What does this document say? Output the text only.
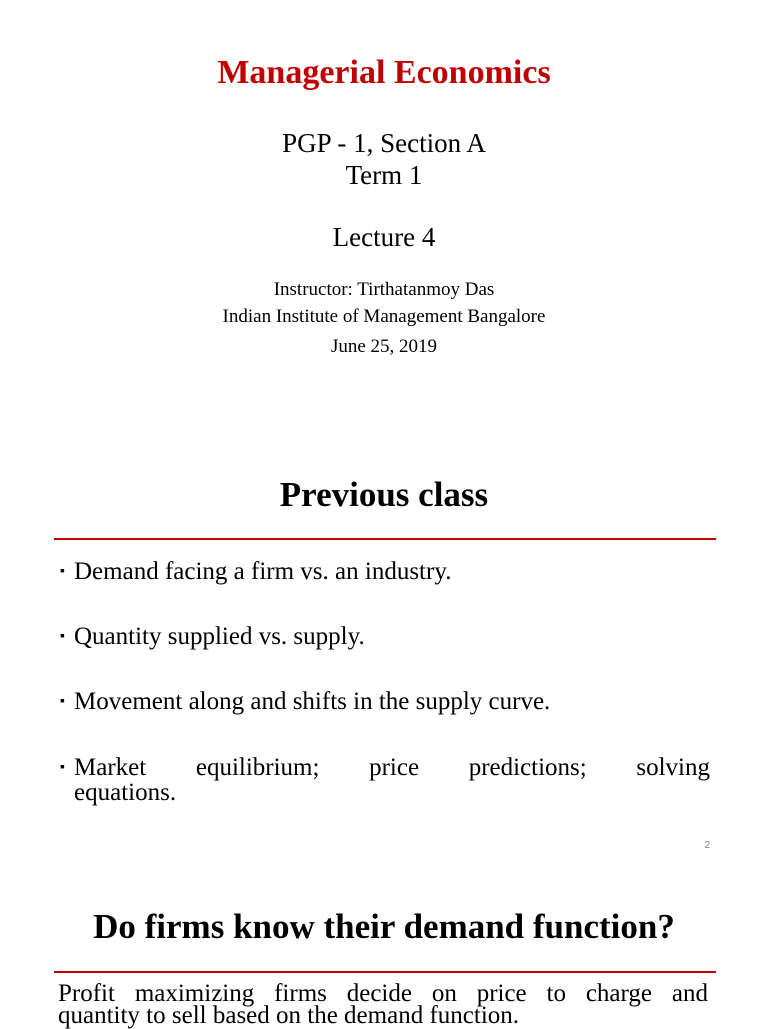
Managerial Economics
PGP - 1, Section A
Term 1
Lecture 4
Instructor: Tirthatanmoy Das
Indian Institute of Management Bangalore
June 25, 2019
Previous class
▪ Demand facing a firm vs. an industry.
▪ Quantity supplied vs. supply.
▪ Movement along and shifts in the supply curve.
▪ Market equilibrium; price predictions; solving
equations.
2
Do firms know their demand function?
Profit maximizing firms decide on price to charge and
quantity to sell based on the demand function.
